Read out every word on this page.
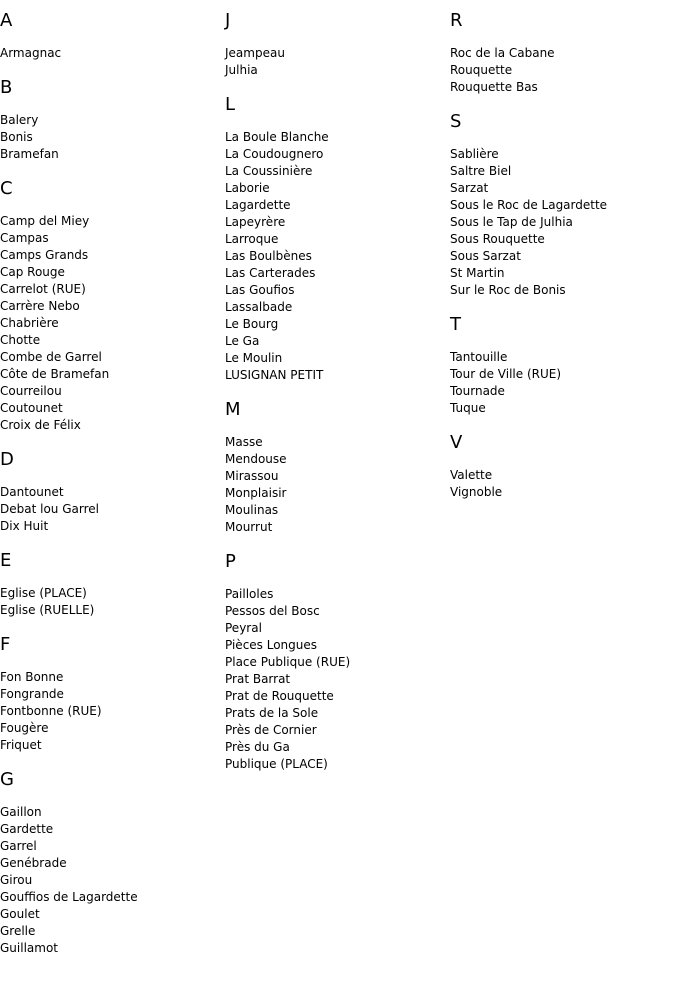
A
Armagnac
B
Balery
Bonis
Bramefan
C
Camp del Miey
Campas
Camps Grands
Cap Rouge
Carrelot (RUE)
Carrère Nebo
Chabrière
Chotte
Combe de Garrel
Côte de Bramefan
Courreilou
Coutounet
Croix de Félix
D
Dantounet
Debat lou Garrel
Dix Huit
E
Eglise (PLACE)
Eglise (RUELLE)
F
Fon Bonne
Fongrande
Fontbonne (RUE)
Fougère
Friquet
G
Gaillon
Gardette
Garrel
Genébrade
Girou
Gouffios de Lagardette
Goulet
Grelle
Guillamot
J
Jeampeau
Julhia
L
La Boule Blanche
La Coudougnero
La Coussinière
Laborie
Lagardette
Lapeyrère
Larroque
Las Boulbènes
Las Carterades
Las Goufios
Lassalbade
Le Bourg
Le Ga
Le Moulin
LUSIGNAN PETIT
M
Masse
Mendouse
Mirassou
Monplaisir
Moulinas
Mourrut
P
Pailloles
Pessos del Bosc
Peyral
Pièces Longues
Place Publique (RUE)
Prat Barrat
Prat de Rouquette
Prats de la Sole
Près de Cornier
Près du Ga
Publique (PLACE)
R
Roc de la Cabane
Rouquette
Rouquette Bas
S
Sablière
Saltre Biel
Sarzat
Sous le Roc de Lagardette
Sous le Tap de Julhia
Sous Rouquette
Sous Sarzat
St Martin
Sur le Roc de Bonis
T
Tantouille
Tour de Ville (RUE)
Tournade
Tuque
V
Valette
Vignoble
